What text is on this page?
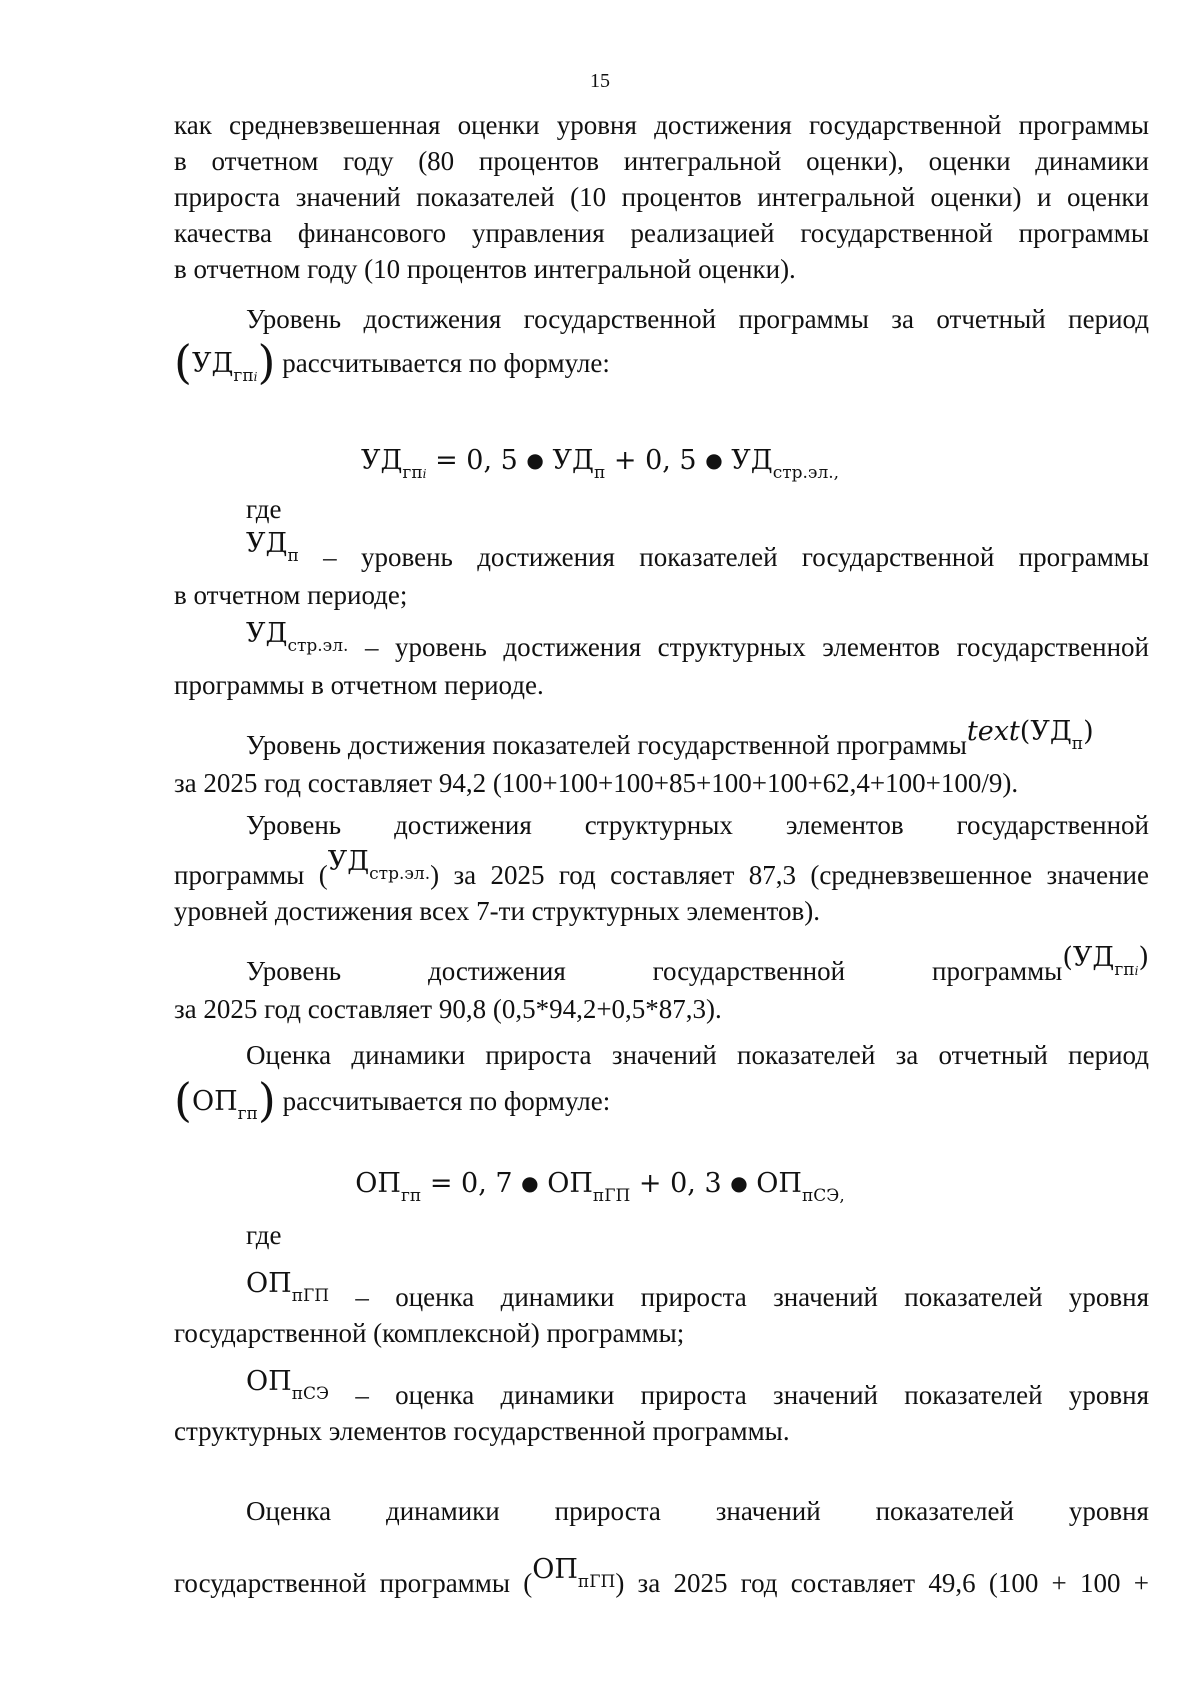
15
как средневзвешенная оценки уровня достижения государственной программы
в отчетном году (80 процентов интегральной оценки), оценки динамики
прироста значений показателей (10 процентов интегральной оценки) и оценки
качества финансового управления реализацией государственной программы
в отчетном году (10 процентов интегральной оценки).
Уровень достижения государственной программы за отчетный период
$(УД_{гпi})$ рассчитывается по формуле:
$УД_{гпi} = 0$, 5 ● $УД_п + 0$, 5 ● $УД_{стр.эл.,}$
где
$УД_п$ – уровень достижения показателей государственной программы
в отчетном периоде;
$УД_{стр.эл.}$ – уровень достижения структурных элементов государственной
программы в отчетном периоде.
Уровень достижения показателей государственной $программыtext(УД_п)$
за 2025 год составляет 94,2 (100+100+100+85+100+100+62,4+100+100/9).
Уровень достижения структурных элементов государственной
программы $(УД_{стр.эл.})$ за 2025 год составляет 87,3 (средневзвешенное значение
уровней достижения всех 7-ти структурных элементов).
Уровень	достижения	государственной	$программы(УД_{гпi})$
за 2025 год составляет 90,8 (0,5*94,2+0,5*87,3).
Оценка динамики прироста значений показателей за отчетный период
$(ОП_{гп})$ рассчитывается по формуле:
$ОП_{гп} = 0$, 7 ● $ОП_{пГП} + 0$, 3 ● $ОП_{пСЭ,}$
где
$ОП_{пГП}$ – оценка динамики прироста значений показателей уровня
государственной (комплексной) программы;
$ОП_{пСЭ}$ – оценка динамики прироста значений показателей уровня
структурных элементов государственной программы.
Оценка динамики прироста значений показателей уровня
государственной программы $(ОП_{пГП})$ за 2025 год составляет 49,6 (100 + 100 +
